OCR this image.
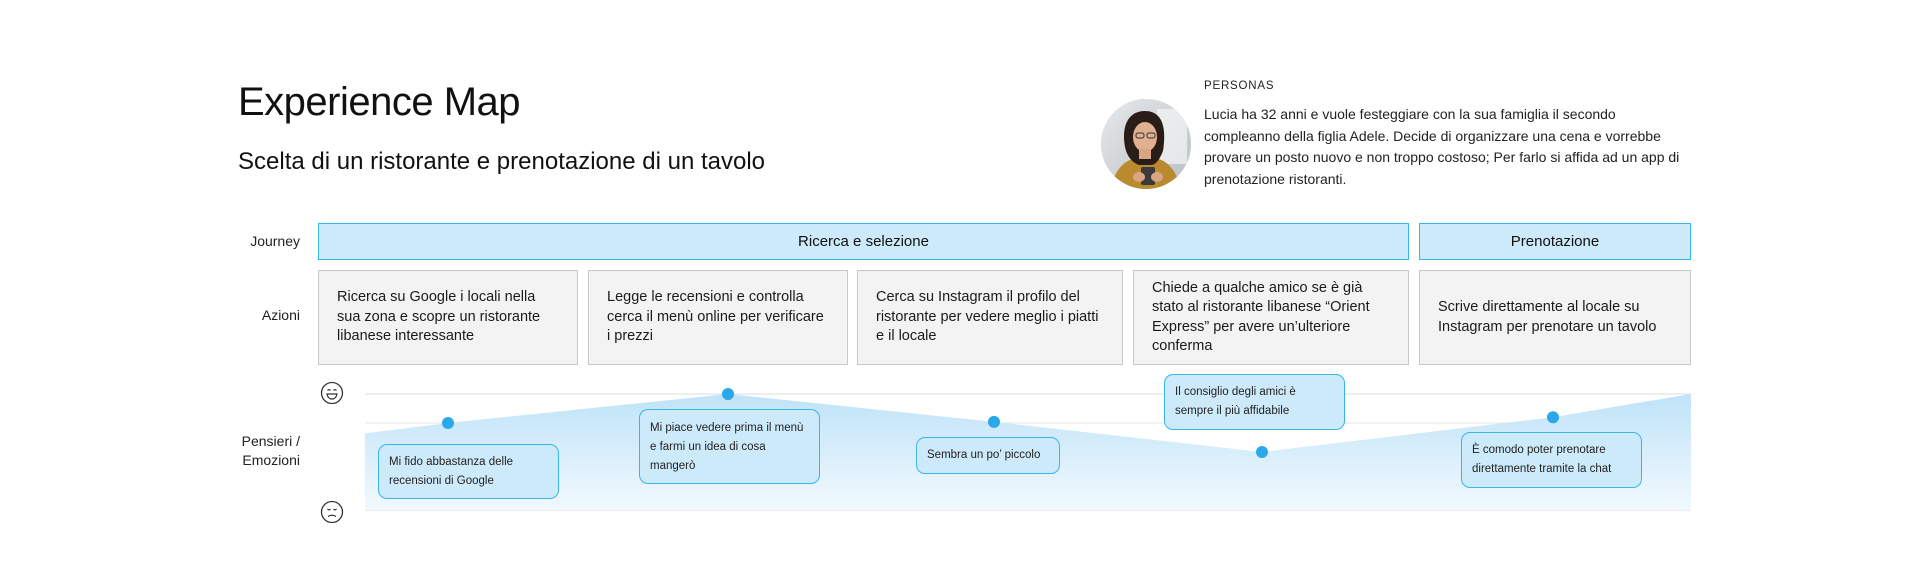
Experience Map
Scelta di un ristorante e prenotazione di un tavolo
PERSONAS
Lucia ha 32 anni e vuole festeggiare con la sua famiglia il secondo compleanno della figlia Adele. Decide di organizzare una cena e vorrebbe provare un posto nuovo e non troppo costoso; Per farlo si affida ad un app di prenotazione ristoranti.
Journey
Azioni
Pensieri /
Emozioni
Ricerca e selezione	Prenotazione
Ricerca su Google i locali nella sua zona e scopre un ristorante libanese interessante
Legge le recensioni e controlla cerca il menù online per verificare i prezzi
Cerca su Instagram il profilo del ristorante per vedere meglio i piatti e il locale
Chiede a qualche amico se è già stato al ristorante libanese “Orient Express” per avere un’ulteriore conferma
Scrive direttamente al locale su Instagram per prenotare un tavolo
Mi fido abbastanza delle recensioni di Google
Mi piace vedere prima il menù e farmi un idea di cosa mangerò
Sembra un po’ piccolo
Il consiglio degli amici è sempre il più affidabile
È comodo poter prenotare direttamente tramite la chat
